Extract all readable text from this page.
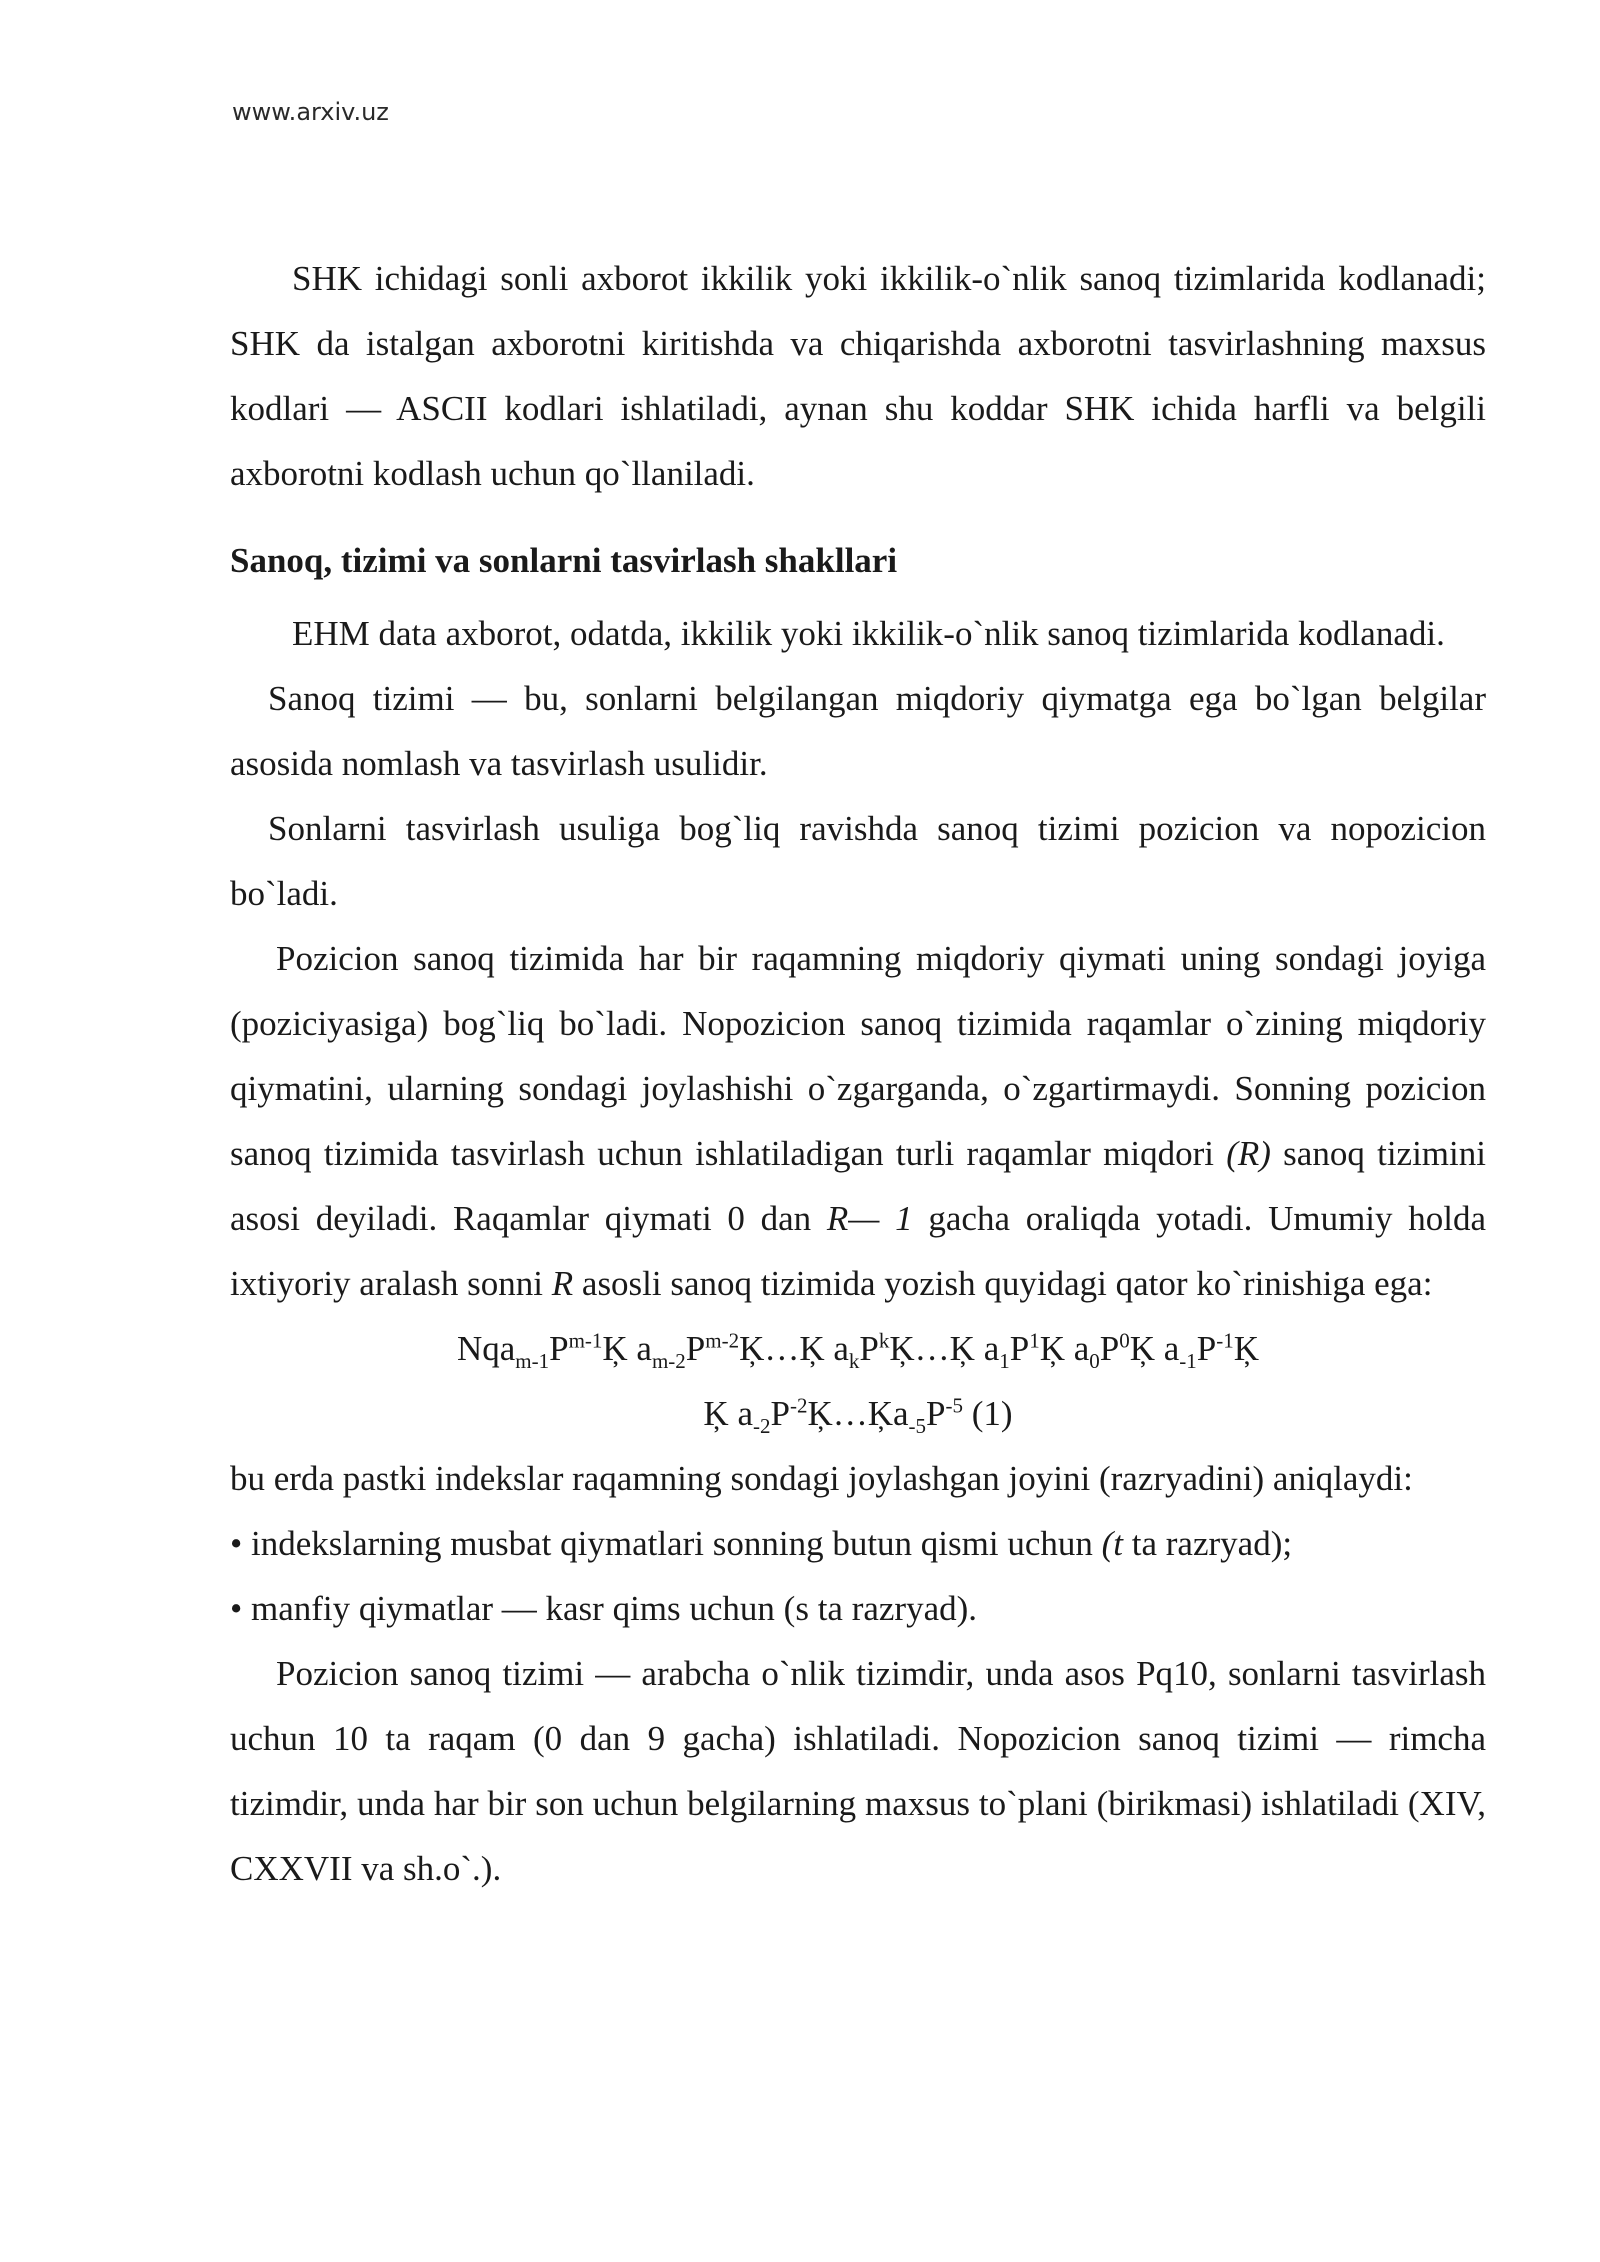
www.arxiv.uz

SHK ichidagi sonli axborot ikkilik yoki ikkilik-o`nlik sanoq tizimlarida kodlanadi; SHK da istalgan axborotni kiritishda va chiqarishda axborotni tasvirlashning maxsus kodlari — ASCII kodlari ishlatiladi, aynan shu koddar SHK ichida harfli va belgili axborotni kodlash uchun qo`llaniladi.

Sanoq, tizimi va sonlarni tasvirlash shakllari

EHM data axborot, odatda, ikkilik yoki ikkilik-o`nlik sanoq tizimlarida kodlanadi.

Sanoq tizimi — bu, sonlarni belgilangan miqdoriy qiymatga ega bo`lgan belgilar asosida nomlash va tasvirlash usulidir.

Sonlarni tasvirlash usuliga bog`liq ravishda sanoq tizimi pozicion va nopozicion bo`ladi.

Pozicion sanoq tizimida har bir raqamning miqdoriy qiymati uning sondagi joyiga (poziciyasiga) bog`liq bo`ladi. Nopozicion sanoq tizimida raqamlar o`zining miqdoriy qiymatini, ularning sondagi joylashishi o`zgarganda, o`zgartirmaydi. Sonning pozicion sanoq tizimida tasvirlash uchun ishlatiladigan turli raqamlar miqdori (R) sanoq tizimini asosi deyiladi. Raqamlar qiymati 0 dan R— 1 gacha oraliqda yotadi. Umumiy holda ixtiyoriy aralash sonni R asosli sanoq tizimida yozish quyidagi qator ko`rinishiga ega:

$Nqa_{m-1}P^{m-1}Ķ$ $a_{m-2}P^{m-2}Ķ\dots Ķ$ $a_kP^kĶ\dots Ķ$ $a_1P^1Ķ$ $a_0P^0Ķ$ $a_{-1}P^{-1}Ķ$

Ķ $a_{-2}P^{-2}Ķ\dots Ķa_{-5}P^{-5}$ (1)

bu erda pastki indekslar raqamning sondagi joylashgan joyini (razryadini) aniqlaydi:

• indekslarning musbat qiymatlari sonning butun qismi uchun (t ta razryad);

• manfiy qiymatlar — kasr qims uchun (s ta razryad).

Pozicion sanoq tizimi — arabcha o`nlik tizimdir, unda asos Pq10, sonlarni tasvirlash uchun 10 ta raqam (0 dan 9 gacha) ishlatiladi. Nopozicion sanoq tizimi — rimcha tizimdir, unda har bir son uchun belgilarning maxsus to`plani (birikmasi) ishlatiladi (XIV, CXXVII va sh.o`.).
